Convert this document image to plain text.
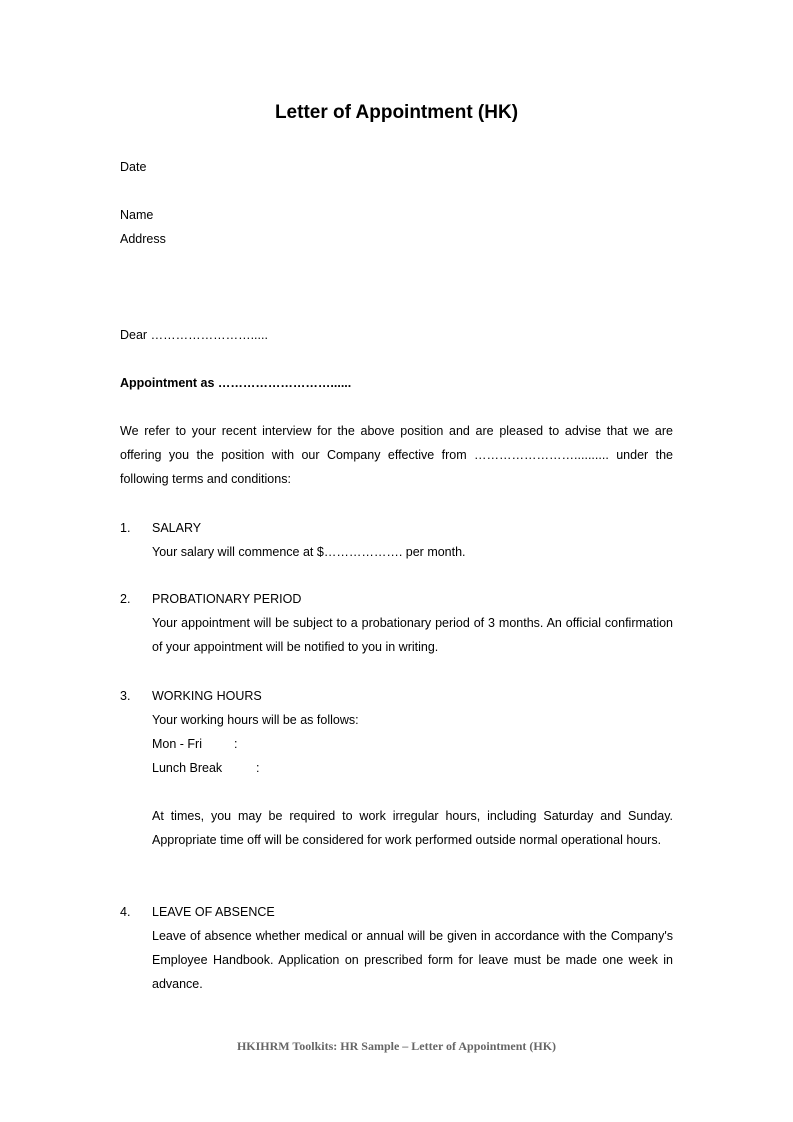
Letter of Appointment (HK)
Date
Name
Address
Dear …………………….....
Appointment as ………………………......
We refer to your recent interview for the above position and are pleased to advise that we are offering you the position with our Company effective from …………………….......... under the following terms and conditions:
1.	SALARY
Your salary will commence at $………………. per month.
2.	PROBATIONARY PERIOD
Your appointment will be subject to a probationary period of 3 months. An official confirmation of your appointment will be notified to you in writing.
3.	WORKING HOURS
Your working hours will be as follows:
Mon - Fri	:
Lunch Break	:
At times, you may be required to work irregular hours, including Saturday and Sunday. Appropriate time off will be considered for work performed outside normal operational hours.
4.	LEAVE OF ABSENCE
Leave of absence whether medical or annual will be given in accordance with the Company's Employee Handbook. Application on prescribed form for leave must be made one week in advance.
HKIHRM Toolkits: HR Sample – Letter of Appointment (HK)
